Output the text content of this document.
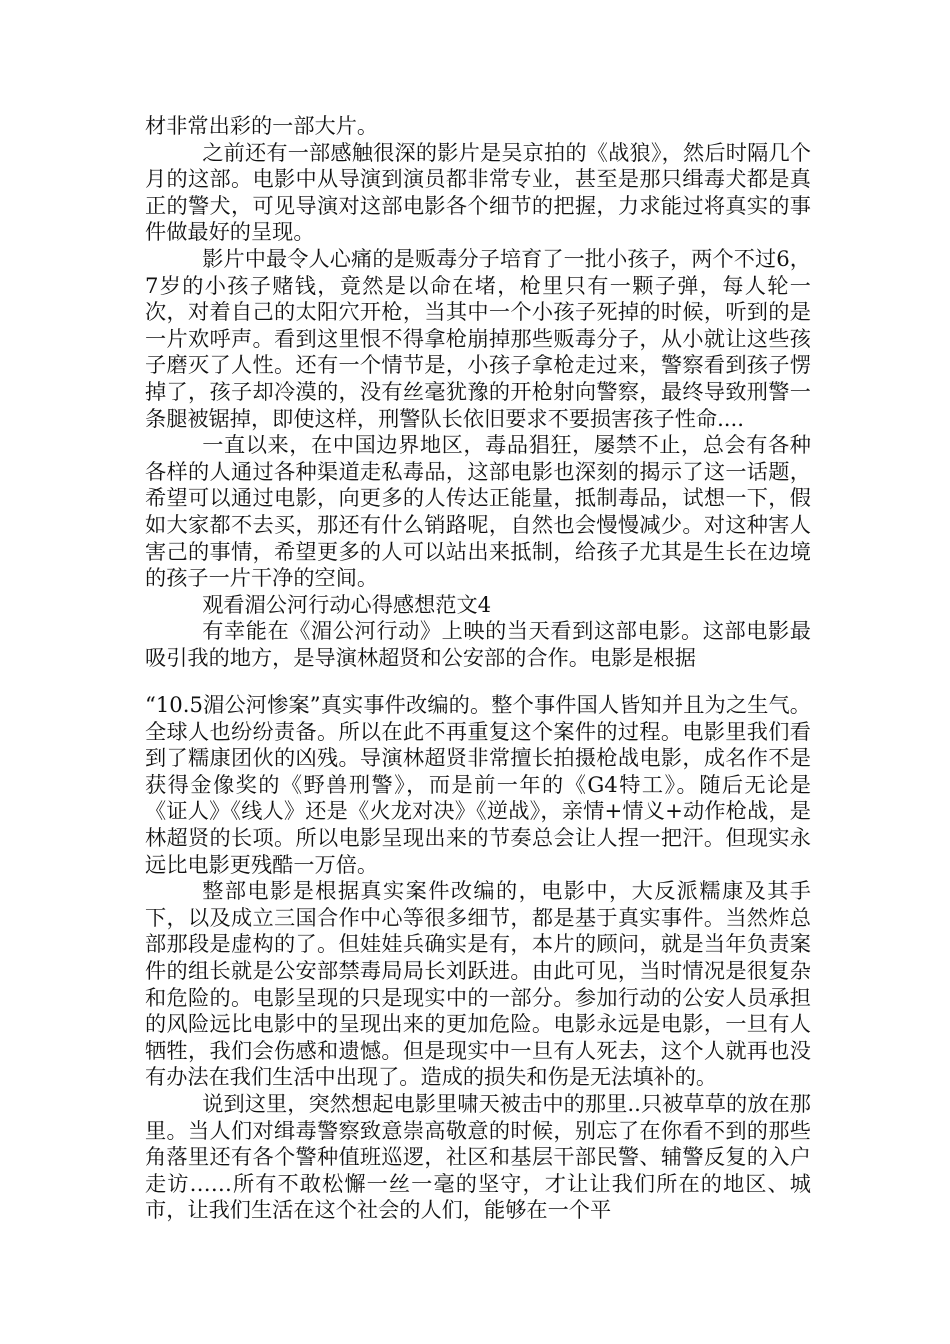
材非常出彩的一部大片。

之前还有一部感触很深的影片是吴京拍的《战狼》，然后时隔几个月的这部。电影中从导演到演员都非常专业，甚至是那只缉毒犬都是真正的警犬，可见导演对这部电影各个细节的把握，力求能过将真实的事件做最好的呈现。

影片中最令人心痛的是贩毒分子培育了一批小孩子，两个不过6，7岁的小孩子赌钱，竟然是以命在堵，枪里只有一颗子弹，每人轮一次，对着自己的太阳穴开枪，当其中一个小孩子死掉的时候，听到的是一片欢呼声。看到这里恨不得拿枪崩掉那些贩毒分子，从小就让这些孩子磨灭了人性。还有一个情节是，小孩子拿枪走过来，警察看到孩子愣掉了，孩子却冷漠的，没有丝毫犹豫的开枪射向警察，最终导致刑警一条腿被锯掉，即使这样，刑警队长依旧要求不要损害孩子性命....

一直以来，在中国边界地区，毒品猖狂，屡禁不止，总会有各种各样的人通过各种渠道走私毒品，这部电影也深刻的揭示了这一话题，希望可以通过电影，向更多的人传达正能量，抵制毒品，试想一下，假如大家都不去买，那还有什么销路呢，自然也会慢慢减少。对这种害人害己的事情，希望更多的人可以站出来抵制，给孩子尤其是生长在边境的孩子一片干净的空间。

观看湄公河行动心得感想范文4

有幸能在《湄公河行动》上映的当天看到这部电影。这部电影最吸引我的地方，是导演林超贤和公安部的合作。电影是根据

“10.5湄公河惨案”真实事件改编的。整个事件国人皆知并且为之生气。全球人也纷纷责备。所以在此不再重复这个案件的过程。电影里我们看到了糯康团伙的凶残。导演林超贤非常擅长拍摄枪战电影，成名作不是获得金像奖的《野兽刑警》，而是前一年的《G4特工》。随后无论是《证人》《线人》还是《火龙对决》《逆战》，亲情+情义+动作枪战，是林超贤的长项。所以电影呈现出来的节奏总会让人捏一把汗。但现实永远比电影更残酷一万倍。

整部电影是根据真实案件改编的，电影中，大反派糯康及其手下，以及成立三国合作中心等很多细节，都是基于真实事件。当然炸总部那段是虚构的了。但娃娃兵确实是有，本片的顾问，就是当年负责案件的组长就是公安部禁毒局局长刘跃进。由此可见，当时情况是很复杂和危险的。电影呈现的只是现实中的一部分。参加行动的公安人员承担的风险远比电影中的呈现出来的更加危险。电影永远是电影，一旦有人牺牲，我们会伤感和遗憾。但是现实中一旦有人死去，这个人就再也没有办法在我们生活中出现了。造成的损失和伤是无法填补的。

说到这里，突然想起电影里啸天被击中的那里..只被草草的放在那里。当人们对缉毒警察致意崇高敬意的时候，别忘了在你看不到的那些角落里还有各个警种值班巡逻，社区和基层干部民警、辅警反复的入户走访……所有不敢松懈一丝一毫的坚守，才让让我们所在的地区、城市，让我们生活在这个社会的人们，能够在一个平
